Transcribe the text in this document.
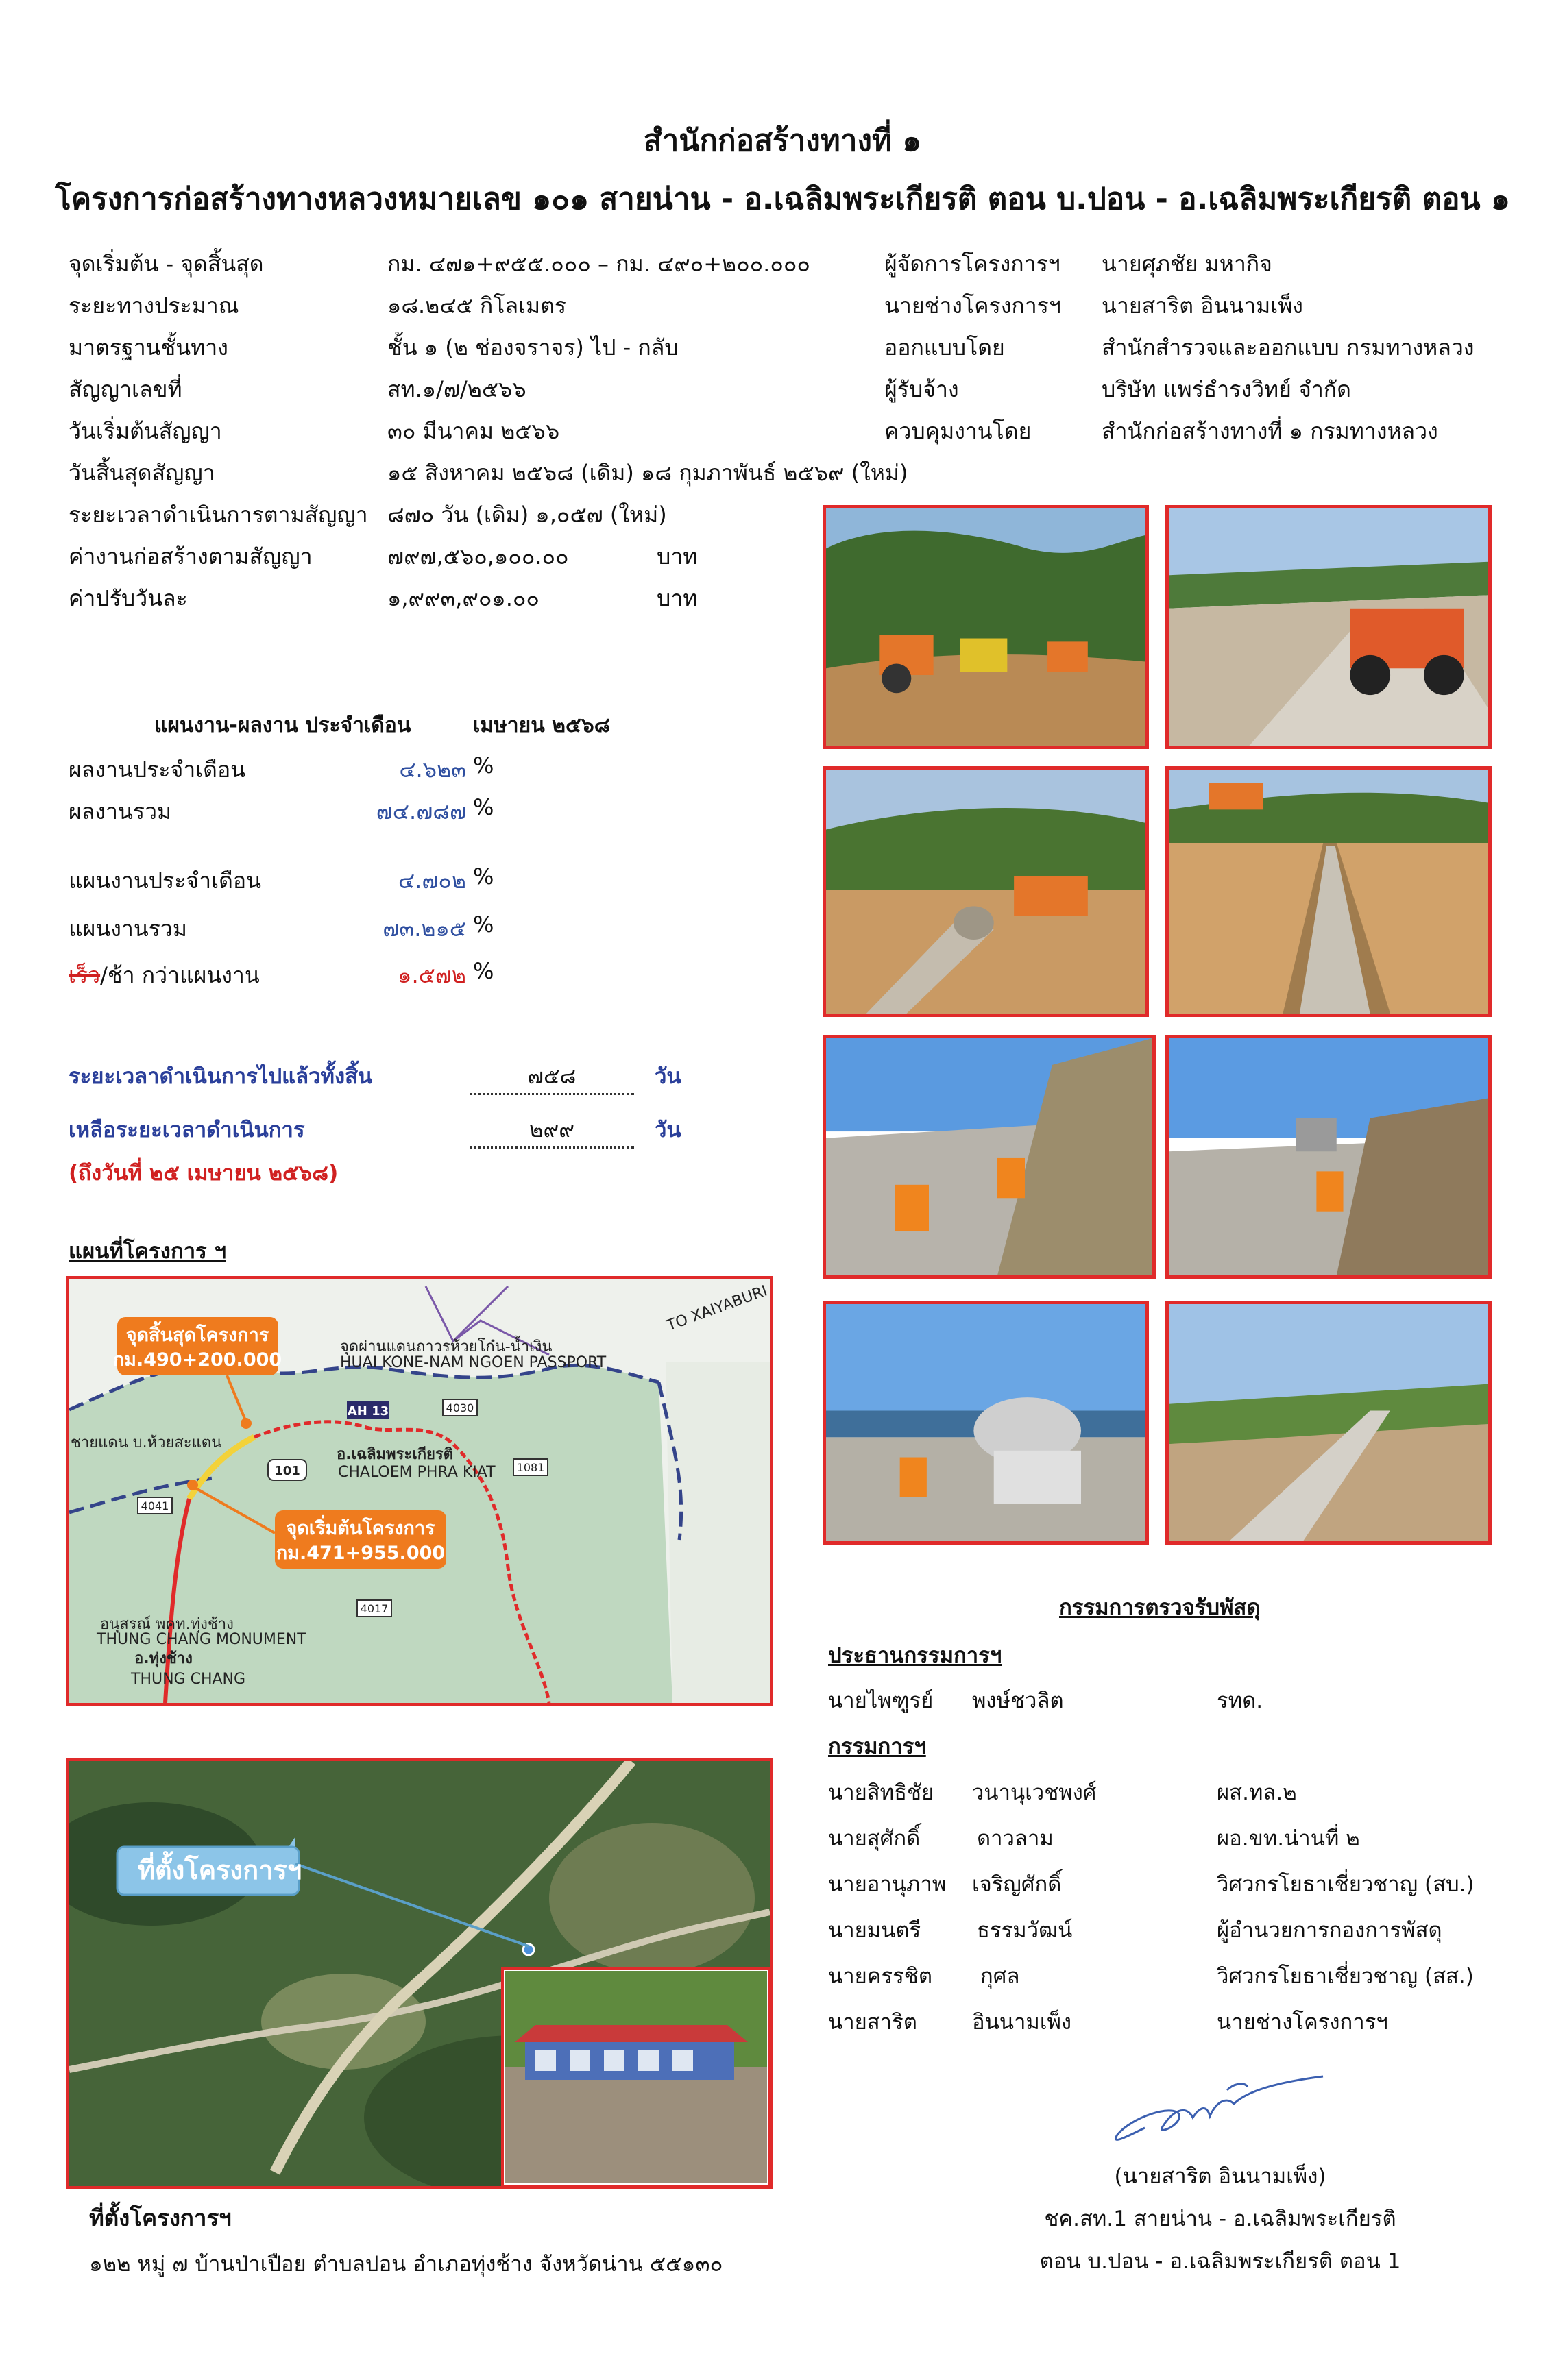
สำนักก่อสร้างทางที่ ๑
โครงการก่อสร้างทางหลวงหมายเลข ๑๐๑ สายน่าน - อ.เฉลิมพระเกียรติ ตอน บ.ปอน - อ.เฉลิมพระเกียรติ ตอน ๑
จุดเริ่มต้น - จุดสิ้นสุด	กม. ๔๗๑+๙๕๕.๐๐๐ – กม. ๔๙๐+๒๐๐.๐๐๐
ระยะทางประมาณ	๑๘.๒๔๕ กิโลเมตร
มาตรฐานชั้นทาง	ชั้น ๑ (๒ ช่องจราจร) ไป - กลับ
สัญญาเลขที่	สท.๑/๗/๒๕๖๖
วันเริ่มต้นสัญญา	๓๐ มีนาคม ๒๕๖๖
วันสิ้นสุดสัญญา	๑๕ สิงหาคม ๒๕๖๘ (เดิม) ๑๘ กุมภาพันธ์ ๒๕๖๙ (ใหม่)
ระยะเวลาดำเนินการตามสัญญา ๘๗๐ วัน (เดิม) ๑,๐๕๗ (ใหม่)
ค่างานก่อสร้างตามสัญญา	๗๙๗,๕๖๐,๑๐๐.๐๐	บาท
ค่าปรับวันละ	๑,๙๙๓,๙๐๑.๐๐	บาท
ผู้จัดการโครงการฯ นายศุภชัย มหากิจ
นายช่างโครงการฯ นายสาริต อินนามเพ็ง
ออกแบบโดย	สำนักสำรวจและออกแบบ กรมทางหลวง
ผู้รับจ้าง	บริษัท แพร่ธำรงวิทย์ จำกัด
ควบคุมงานโดย	สำนักก่อสร้างทางที่ ๑ กรมทางหลวง
แผนงาน-ผลงาน ประจำเดือน	เมษายน ๒๕๖๘
ผลงานประจำเดือน	๔.๖๒๓ %
ผลงานรวม	๗๔.๗๘๗ %
แผนงานประจำเดือน	๔.๗๐๒ %
แผนงานรวม	๗๓.๒๑๕ %
เร็ว/ช้า กว่าแผนงาน	๑.๕๗๒ %
ระยะเวลาดำเนินการไปแล้วทั้งสิ้น	๗๕๘	วัน
เหลือระยะเวลาดำเนินการ	๒๙๙	วัน
(ถึงวันที่ ๒๕ เมษายน ๒๕๖๘)
แผนที่โครงการ ฯ
จุดสิ้นสุดโครงการ
กม.490+200.000
จุดเริ่มต้นโครงการ
กม.471+955.000
อ.เฉลิมพระเกียรติ
CHALOEM PHRA KIAT
อ.ทุ่งช้าง
THUNG CHANG
จุดผ่านแดนถาวรห้วยโก๋น-น้ำเงิน
HUAI KONE-NAM NGOEN PASSPORT
TO XAIYABURI
AH 13
101	1081
4041
4017
4030
ชายแดน บ.ห้วยสะแตน
อนุสรณ์ พคท.ทุ่งช้าง
THUNG CHANG MONUMENT
ที่ตั้งโครงการฯ
ที่ตั้งโครงการฯ
๑๒๒ หมู่ ๗ บ้านป่าเปือย ตำบลปอน อำเภอทุ่งช้าง จังหวัดน่าน ๕๕๑๓๐
กรรมการตรวจรับพัสดุ
ประธานกรรมการฯ
นายไพฑูรย์ พงษ์ชวลิต	รทด.
กรรมการฯ
นายสิทธิชัย วนานุเวชพงศ์	ผส.ทล.๒
นายสุศักดิ์	ดาวลาม	ผอ.ขท.น่านที่ ๒
นายอานุภาพ เจริญศักดิ์	วิศวกรโยธาเชี่ยวชาญ (สบ.)
นายมนตรี	ธรรมวัฒน์	ผู้อำนวยการกองการพัสดุ
นายครรชิต กุศล	วิศวกรโยธาเชี่ยวชาญ (สส.)
นายสาริต	อินนามเพ็ง	นายช่างโครงการฯ
(นายสาริต อินนามเพ็ง)
ชค.สท.1 สายน่าน - อ.เฉลิมพระเกียรติ
ตอน บ.ปอน - อ.เฉลิมพระเกียรติ ตอน 1
